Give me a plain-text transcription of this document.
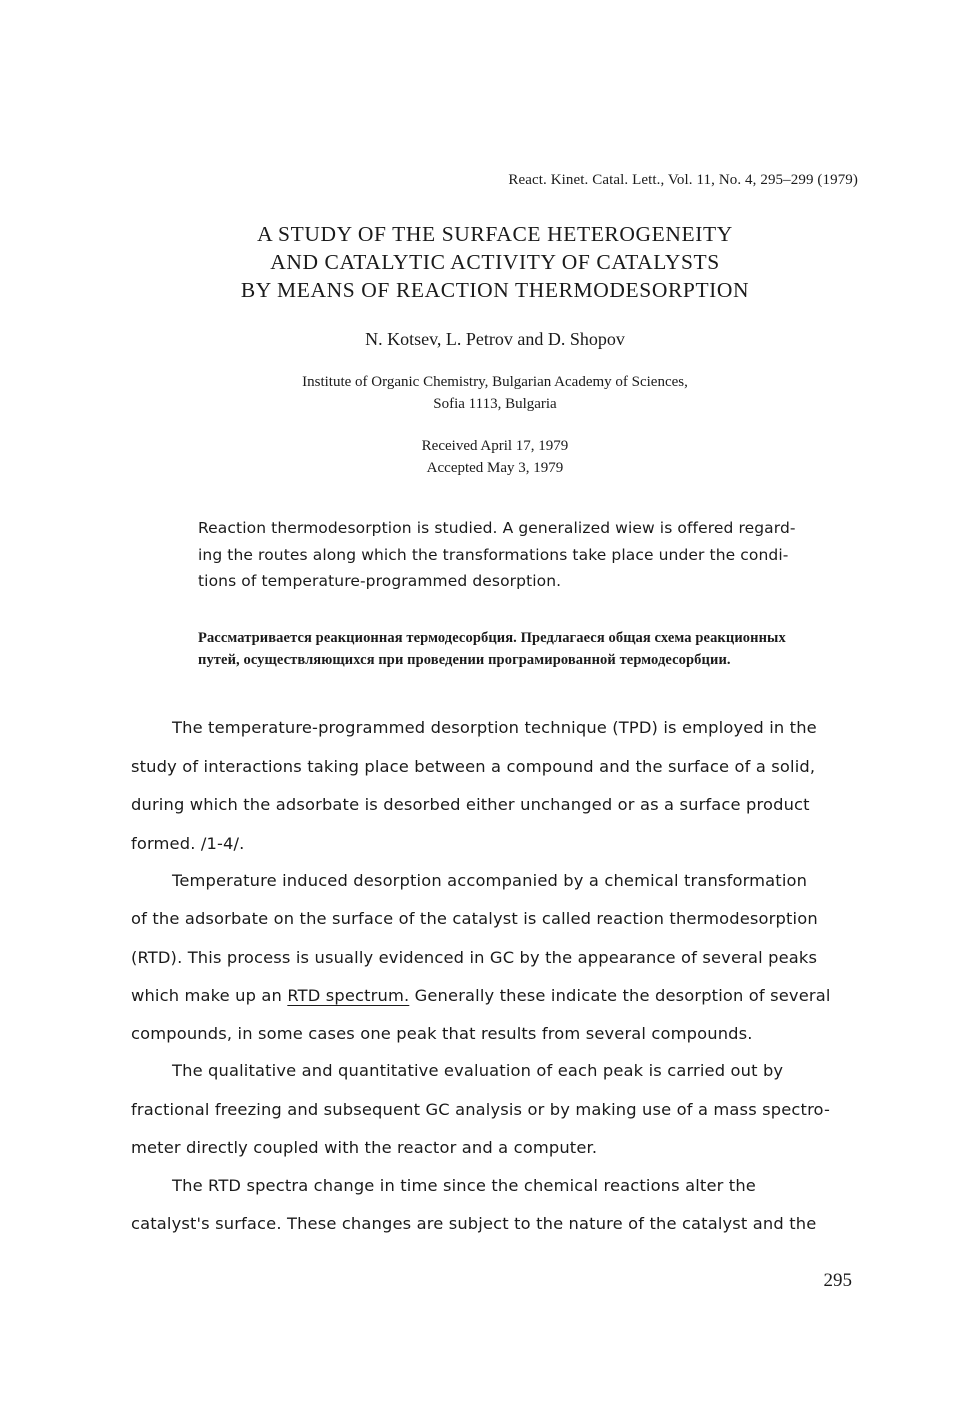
React. Kinet. Catal. Lett., Vol. 11, No. 4, 295–299 (1979)
A STUDY OF THE SURFACE HETEROGENEITY
AND CATALYTIC ACTIVITY OF CATALYSTS
BY MEANS OF REACTION THERMODESORPTION
N. Kotsev, L. Petrov and D. Shopov
Institute of Organic Chemistry, Bulgarian Academy of Sciences,
Sofia 1113, Bulgaria
Received April 17, 1979
Accepted May 3, 1979
Reaction thermodesorption is studied. A generalized wiew is offered regard-
ing the routes along which the transformations take place under the condi-
tions of temperature-programmed desorption.
Рассматривается реакционная термодесорбция. Предлагаеся общая схема реакционных
путей, осуществляющихся при проведении програмированной термодесорбции.
The temperature-programmed desorption technique (TPD) is employed in the
study of interactions taking place between a compound and the surface of a solid,
during which the adsorbate is desorbed either unchanged or as a surface product
formed. /1-4/.
Temperature induced desorption accompanied by a chemical transformation
of the adsorbate on the surface of the catalyst is called reaction thermodesorption
(RTD). This process is usually evidenced in GC by the appearance of several peaks
which make up an RTD spectrum. Generally these indicate the desorption of several
compounds, in some cases one peak that results from several compounds.
The qualitative and quantitative evaluation of each peak is carried out by
fractional freezing and subsequent GC analysis or by making use of a mass spectro-
meter directly coupled with the reactor and a computer.
The RTD spectra change in time since the chemical reactions alter the
catalyst's surface. These changes are subject to the nature of the catalyst and the
295
